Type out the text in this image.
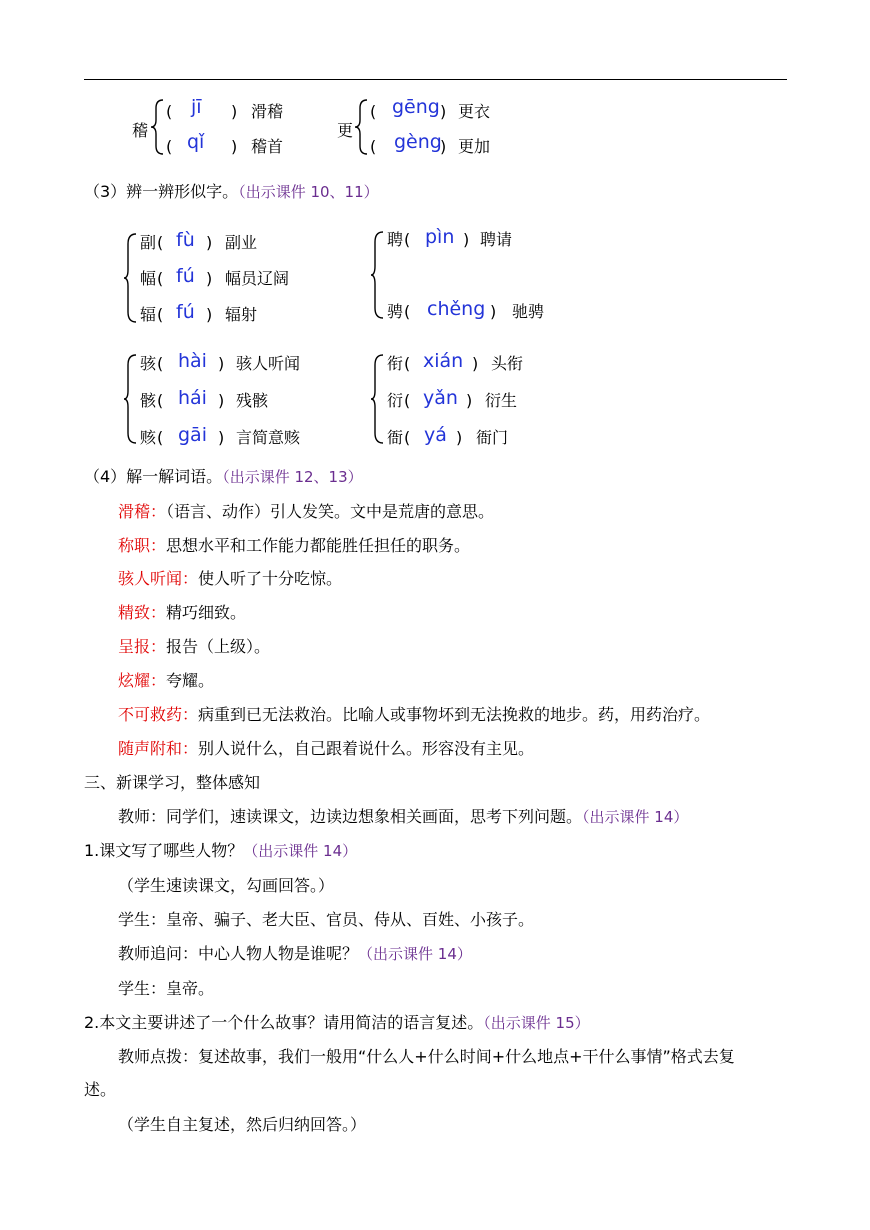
稽
( jī ) 滑稽
( qǐ ) 稽首
更
( gēng ) 更衣
( gèng
) 更加
（3）辨一辨形似字。（出示课件 10、11）
副 ( fù ) 副业
幅 ( fú ) 幅员辽阔
辐 ( fú ) 辐射
聘 ( pìn ) 聘请
骋 ( chěng ) 驰骋
骇 ( hài ) 骇人听闻
骸 ( hái ) 残骸
赅 ( gāi ) 言简意赅
衔 ( xián ) 头衔
衍 ( yǎn ) 衍生
衙 ( yá ) 衙门
（4）解一解词语。（出示课件 12、13）
滑稽：（语言、动作）引人发笑。文中是荒唐的意思。
称职：思想水平和工作能力都能胜任担任的职务。
骇人听闻：使人听了十分吃惊。
精致：精巧细致。
呈报：报告（上级）。
炫耀：夸耀。
不可救药：病重到已无法救治。比喻人或事物坏到无法挽救的地步。药，用药治疗。
随声附和：别人说什么，自己跟着说什么。形容没有主见。
三、新课学习，整体感知
教师：同学们，速读课文，边读边想象相关画面，思考下列问题。（出示课件 14）
1.课文写了哪些人物？（出示课件 14）
（学生速读课文，勾画回答。）
学生：皇帝、骗子、老大臣、官员、侍从、百姓、小孩子。
教师追问：中心人物人物是谁呢？（出示课件 14）
学生：皇帝。
2.本文主要讲述了一个什么故事？请用简洁的语言复述。（出示课件 15）
教师点拨：复述故事，我们一般用“什么人+什么时间+什么地点+干什么事情”格式去复
述。
（学生自主复述，然后归纳回答。）
